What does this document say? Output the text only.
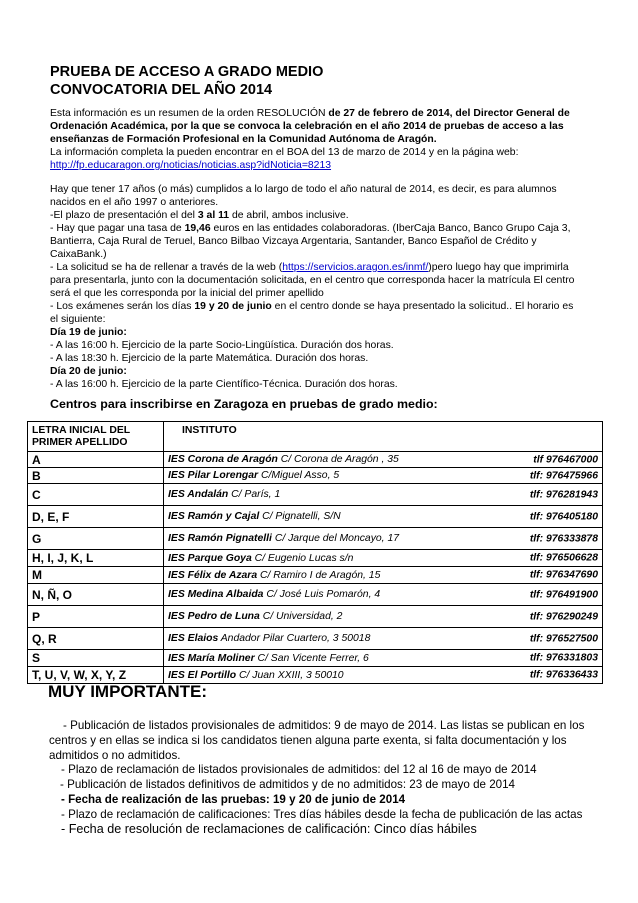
PRUEBA DE ACCESO A GRADO MEDIO
CONVOCATORIA DEL AÑO 2014
Esta información es un resumen de la orden RESOLUCIÓN de 27 de febrero de 2014, del Director General de
Ordenación Académica, por la que se convoca la celebración en el año 2014 de pruebas de acceso a las
enseñanzas de Formación Profesional en la Comunidad Autónoma de Aragón.
La información completa la pueden encontrar en el BOA del 13 de marzo de 2014 y en la página web:
http://fp.educaragon.org/noticias/noticias.asp?idNoticia=8213
Hay que tener 17 años (o más) cumplidos a lo largo de todo el año natural de 2014, es decir, es para alumnos
nacidos en el año 1997 o anteriores.
-El plazo de presentación el del 3 al 11 de abril, ambos inclusive.
- Hay que pagar una tasa de 19,46 euros en las entidades colaboradoras. (IberCaja Banco, Banco Grupo Caja 3,
Bantierra, Caja Rural de Teruel, Banco Bilbao Vizcaya Argentaria, Santander, Banco Español de Crédito y
CaixaBank.)
- La solicitud se ha de rellenar a través de la web (https://servicios.aragon.es/inmf/)pero luego hay que imprimirla
para presentarla, junto con la documentación solicitada, en el centro que corresponda hacer la matrícula El centro
será el que les corresponda por la inicial del primer apellido
- Los exámenes serán los días 19 y 20 de junio en el centro donde se haya presentado la solicitud.. El horario es
el siguiente:
Día 19 de junio:
- A las 16:00 h. Ejercicio de la parte Socio-Lingüística. Duración dos horas.
- A las 18:30 h. Ejercicio de la parte Matemática. Duración dos horas.
Día 20 de junio:
- A las 16:00 h. Ejercicio de la parte Científico-Técnica. Duración dos horas.
Centros para inscribirse en Zaragoza en pruebas de grado medio:
LETRA INICIAL DEL PRIMER APELLIDO	INSTITUTO
A	IES Corona de Aragón C/ Corona de Aragón , 35 tlf 976467000

B	IES Pilar Lorengar C/Miguel Asso, 5 tlf: 976475966

C	IES Andalán C/ París, 1 tlf: 976281943

D, E, F	IES Ramón y Cajal C/ Pignatelli, S/N tlf: 976405180

G	IES Ramón Pignatelli C/ Jarque del Moncayo, 17 tlf: 976333878

H, I, J, K, L	IES Parque Goya C/ Eugenio Lucas s/n tlf: 976506628

M	IES Félix de Azara C/ Ramiro I de Aragón, 15 tlf: 976347690

N, Ñ, O	IES Medina Albaida C/ José Luis Pomarón, 4 tlf: 976491900

P	IES Pedro de Luna C/ Universidad, 2 tlf: 976290249

Q, R	IES Elaios Andador Pilar Cuartero, 3 50018 tlf: 976527500

S	IES María Moliner C/ San Vicente Ferrer, 6 tlf: 976331803

T, U, V, W, X, Y, Z	IES El Portillo C/ Juan XXIII, 3 50010 tlf: 976336433
MUY IMPORTANTE:
- Publicación de listados provisionales de admitidos: 9 de mayo de 2014. Las listas se publican en los
centros y en ellas se indica si los candidatos tienen alguna parte exenta, si falta documentación y los
admitidos o no admitidos.
- Plazo de reclamación de listados provisionales de admitidos: del 12 al 16 de mayo de 2014
- Publicación de listados definitivos de admitidos y de no admitidos: 23 de mayo de 2014
- Fecha de realización de las pruebas: 19 y 20 de junio de 2014
- Plazo de reclamación de calificaciones: Tres días hábiles desde la fecha de publicación de las actas
- Fecha de resolución de reclamaciones de calificación: Cinco días hábiles
